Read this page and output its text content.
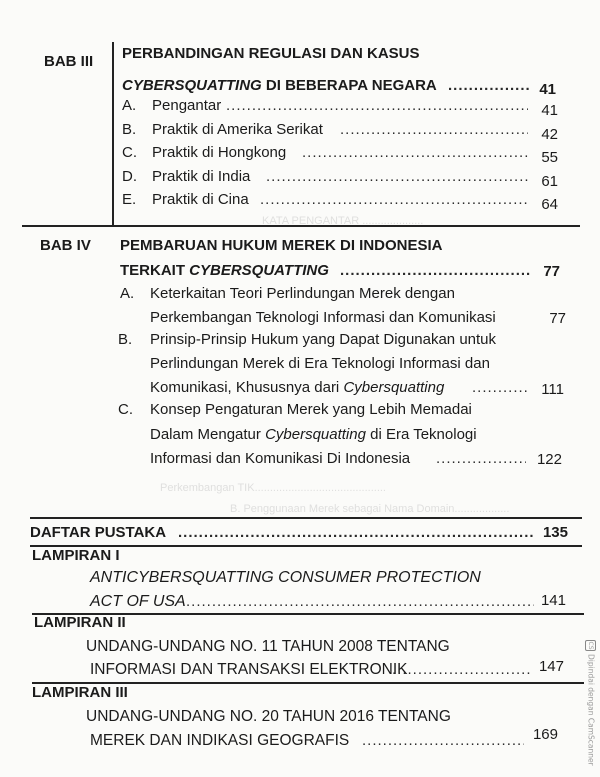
KATA PENGANTAR ....................
BAB III PERBANDINGAN REGULASI DAN KASUS
CYBERSQUATTING DI BEBERAPA NEGARA .....	41
A. Pengantar .....	41
B. Praktik di Amerika Serikat .....	42
C. Praktik di Hongkong .....	55
D. Praktik di India .....	61
E. Praktik di Cina .....	64
BAB IV PEMBARUAN HUKUM MEREK DI INDONESIA
TERKAIT CYBERSQUATTING .....	77
A. Keterkaitan Teori Perlindungan Merek dengan
Perkembangan Teknologi Informasi dan Komunikasi	77
B. Prinsip-Prinsip Hukum yang Dapat Digunakan untuk
Perlindungan Merek di Era Teknologi Informasi dan
Komunikasi, Khususnya dari Cybersquatting .....	111
C. Konsep Pengaturan Merek yang Lebih Memadai
Dalam Mengatur Cybersquatting di Era Teknologi
Informasi dan Komunikasi Di Indonesia .....	122
Perkembangan TIK...........................................
B. Penggunaan Merek sebagai Nama Domain..................
DAFTAR PUSTAKA .....	135
LAMPIRAN I
ANTICYBERSQUATTING CONSUMER PROTECTION
ACT OF USA .....	141
LAMPIRAN II
UNDANG-UNDANG NO. 11 TAHUN 2008 TENTANG
INFORMASI DAN TRANSAKSI ELEKTRONIK .....	147
LAMPIRAN III
UNDANG-UNDANG NO. 20 TAHUN 2016 TENTANG
MEREK DAN INDIKASI GEOGRAFIS .....	169
CSDipindai dengan CamScanner
